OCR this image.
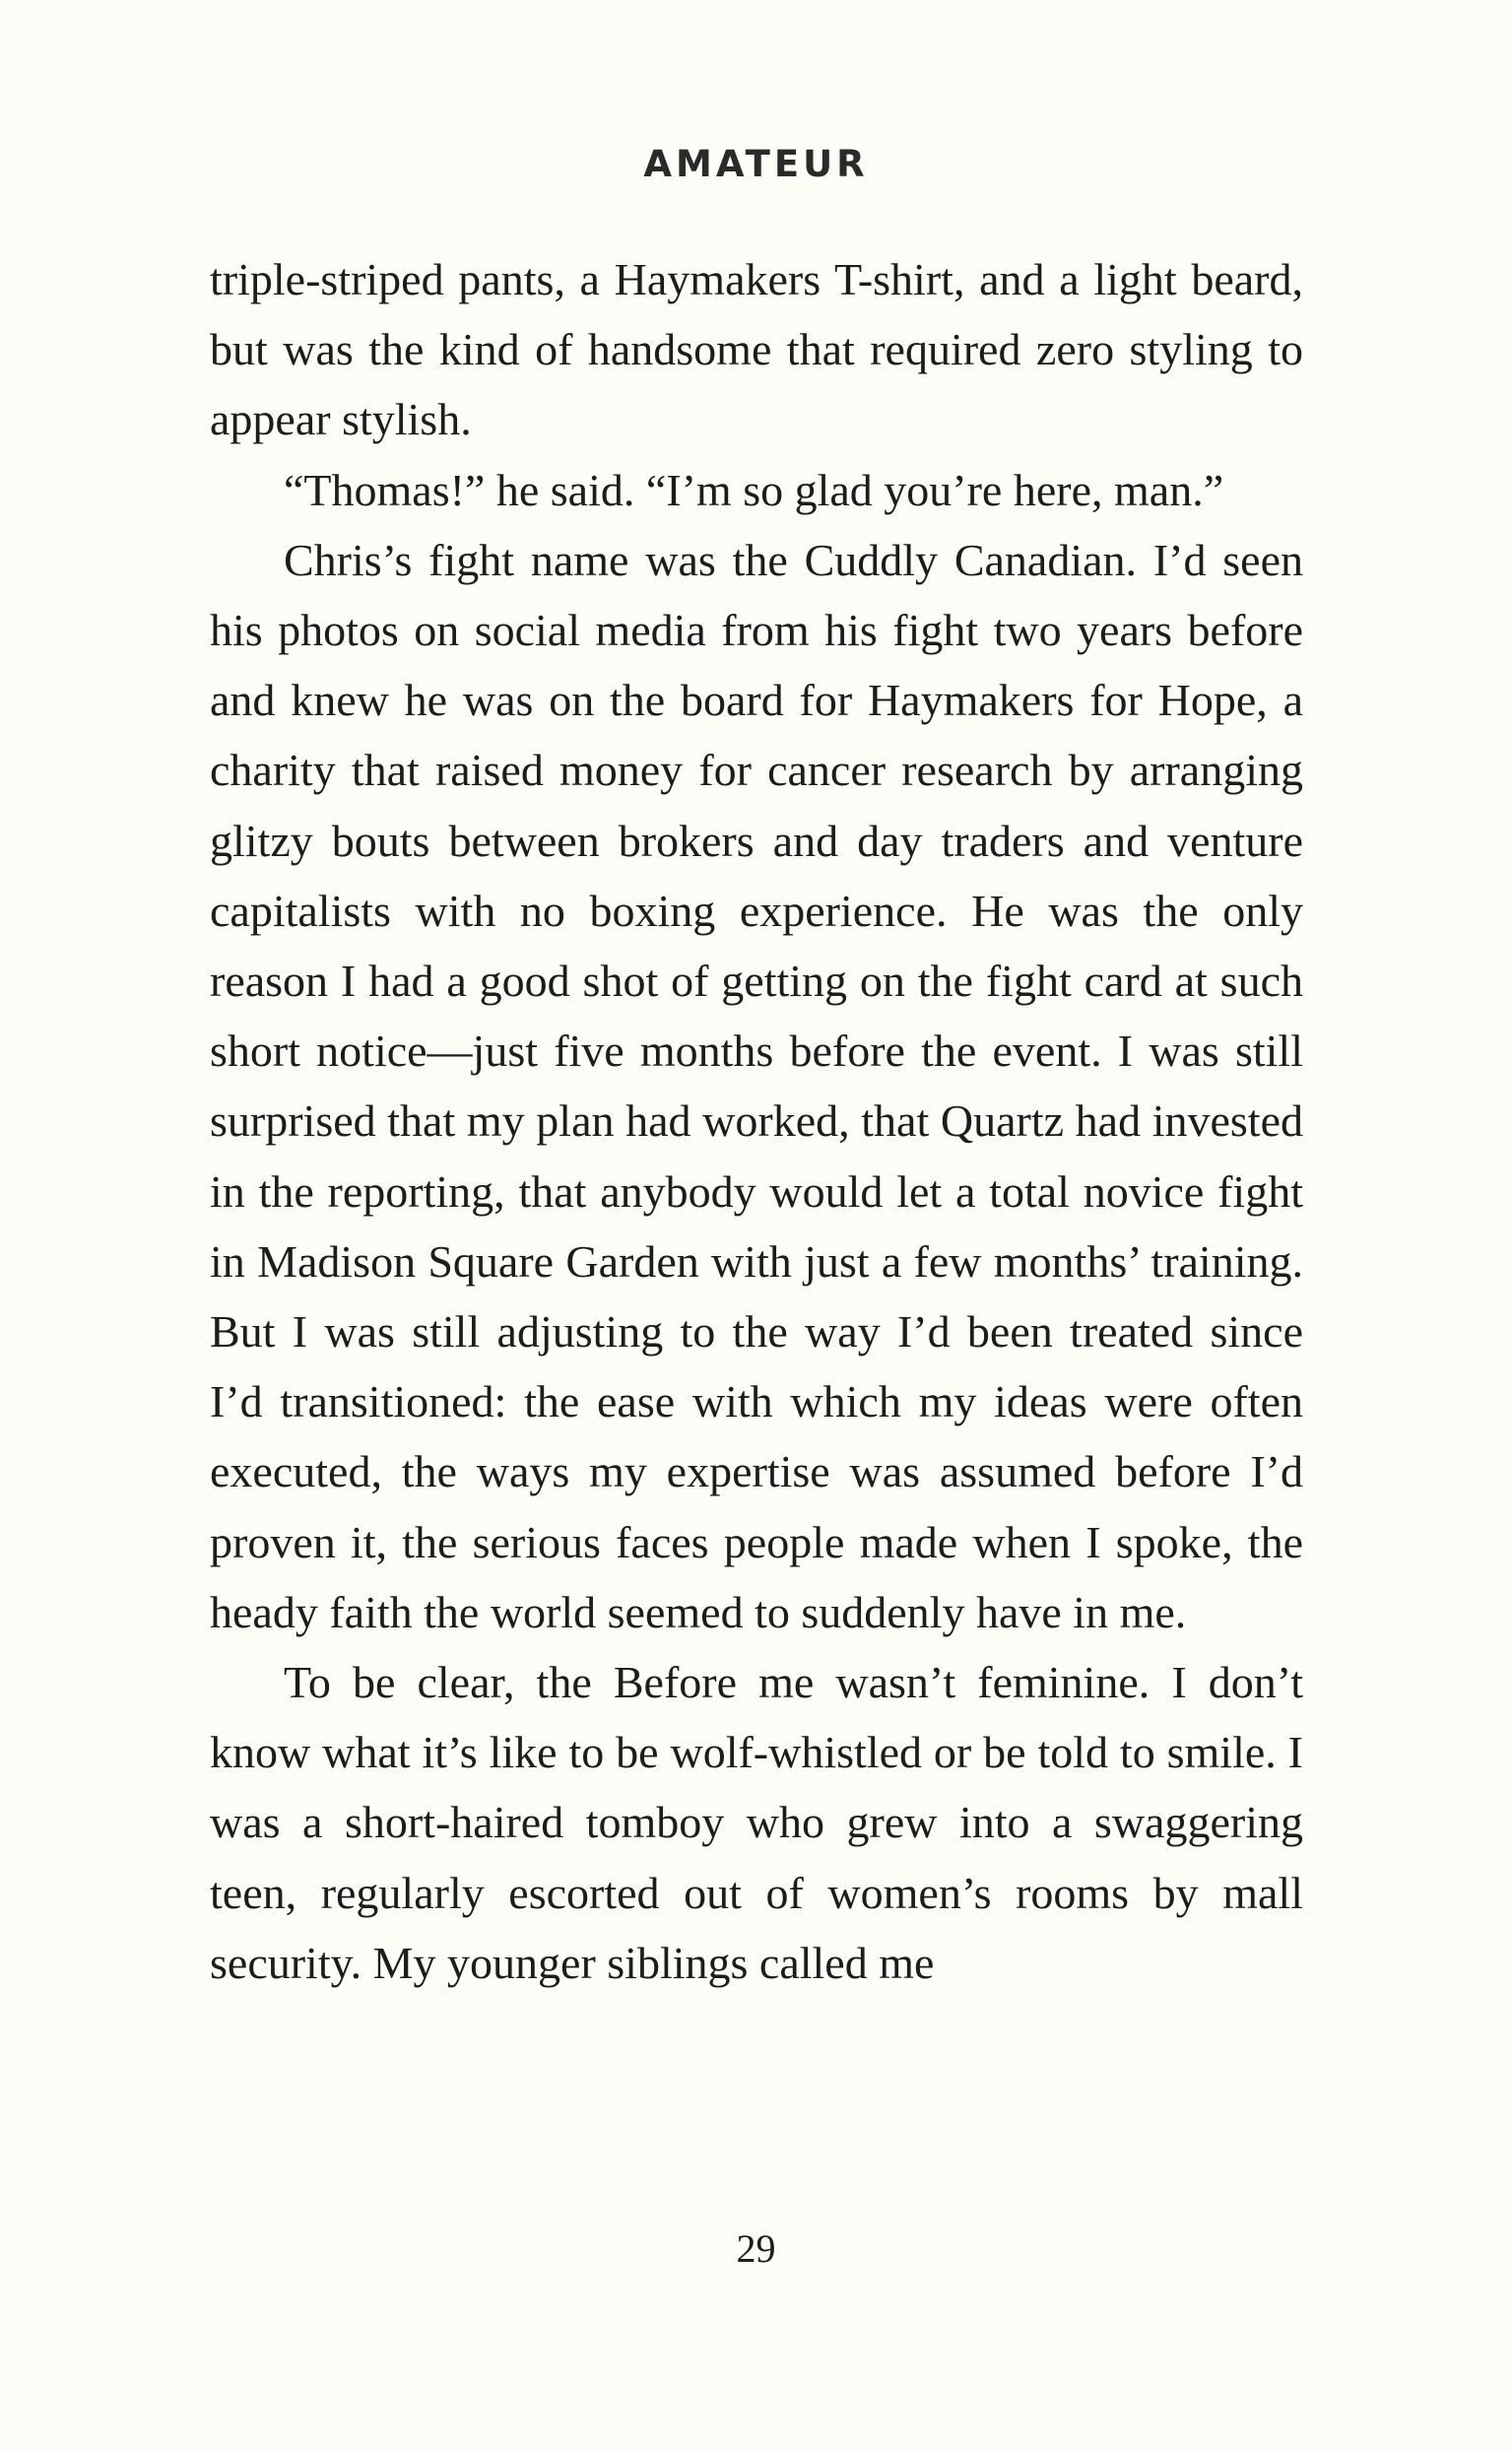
AMATEUR

triple-striped pants, a Haymakers T-shirt, and a light beard, but was the kind of handsome that required zero styling to appear stylish.

“Thomas!” he said. “I’m so glad you’re here, man.”

Chris’s fight name was the Cuddly Canadian. I’d seen his photos on social media from his fight two years before and knew he was on the board for Haymakers for Hope, a charity that raised money for cancer research by arranging glitzy bouts between brokers and day traders and venture capitalists with no boxing experience. He was the only reason I had a good shot of getting on the fight card at such short notice—just five months before the event. I was still surprised that my plan had worked, that Quartz had invested in the reporting, that anybody would let a total novice fight in Madison Square Garden with just a few months’ training. But I was still adjusting to the way I’d been treated since I’d transitioned: the ease with which my ideas were often executed, the ways my expertise was assumed before I’d proven it, the serious faces people made when I spoke, the heady faith the world seemed to suddenly have in me.

To be clear, the Before me wasn’t feminine. I don’t know what it’s like to be wolf-whistled or be told to smile. I was a short-haired tomboy who grew into a swaggering teen, regularly escorted out of women’s rooms by mall security. My younger siblings called me

29
